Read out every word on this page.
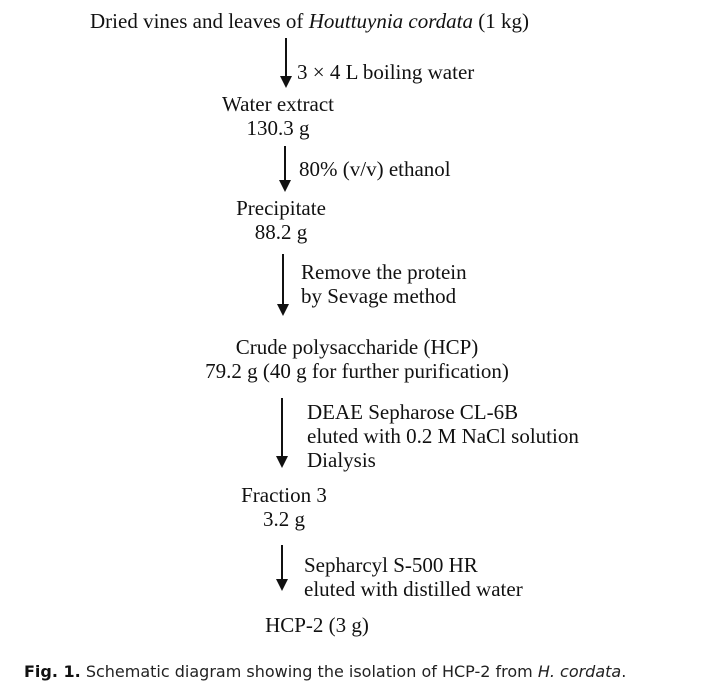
Dried vines and leaves of Houttuynia cordata (1 kg)
3 × 4 L boiling water
Water extract
130.3 g
80% (v/v) ethanol
Precipitate
88.2 g
Remove the protein
by Sevage method
Crude polysaccharide (HCP)
79.2 g (40 g for further purification)
DEAE Sepharose CL-6B
eluted with 0.2 M NaCl solution
Dialysis
Fraction 3
3.2 g
Sepharcyl S-500 HR
eluted with distilled water
HCP-2 (3 g)
Fig. 1. Schematic diagram showing the isolation of HCP-2 from H. cordata.
